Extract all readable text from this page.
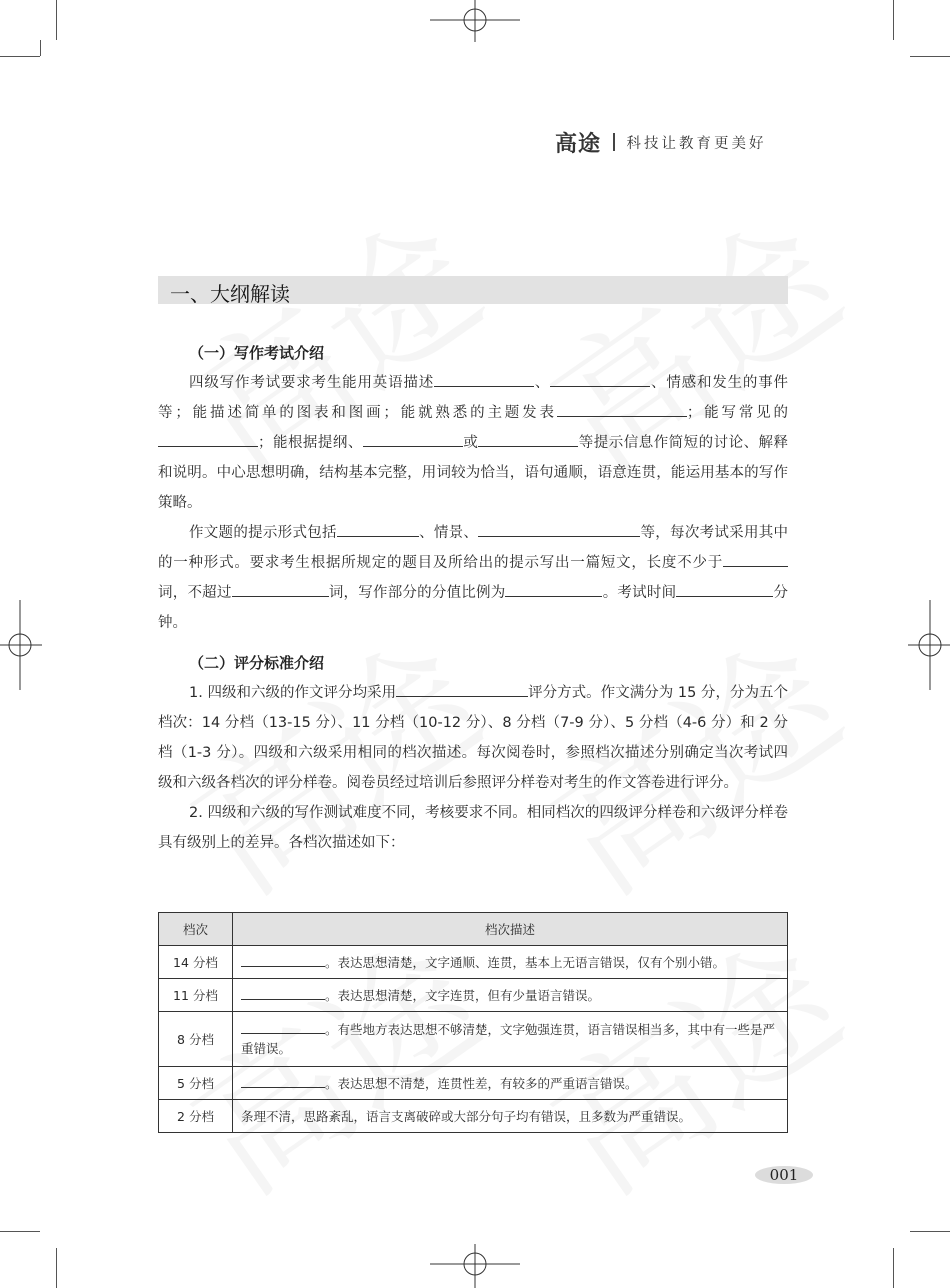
高途 科技让教育更美好
一、大纲解读
（一）写作考试介绍

四级写作考试要求考生能用英语描述	、	、情感和发生的事件等；能描述简单的图表和图画；能就熟悉的主题发表	；能写常见的；能根据提纲、	或	等提示信息作简短的讨论、解释和说明。中心思想明确，结构基本完整，用词较为恰当，语句通顺，语意连贯，能运用基本的写作策略。

作文题的提示形式包括	、情景、	等，每次考试采用其中的一种形式。要求考生根据所规定的题目及所给出的提示写出一篇短文，长度不少于词，不超过	词，写作部分的分值比例为	。考试时间	分钟。

（二）评分标准介绍

1. 四级和六级的作文评分均采用	评分方式。作文满分为 15 分，分为五个档次：14 分档（13-15 分）、11 分档（10-12 分）、8 分档（7-9 分）、5 分档（4-6 分）和 2 分档（1-3 分）。四级和六级采用相同的档次描述。每次阅卷时，参照档次描述分别确定当次考试四级和六级各档次的评分样卷。阅卷员经过培训后参照评分样卷对考生的作文答卷进行评分。

2. 四级和六级的写作测试难度不同，考核要求不同。相同档次的四级评分样卷和六级评分样卷具有级别上的差异。各档次描述如下：

档次	档次描述
14 分档	。表达思想清楚，文字通顺、连贯，基本上无语言错误，仅有个别小错。
11 分档	。表达思想清楚，文字连贯，但有少量语言错误。
8 分档	。有些地方表达思想不够清楚，文字勉强连贯，语言错误相当多，其中有一些是严重错误。
5 分档	。表达思想不清楚，连贯性差，有较多的严重语言错误。
2 分档	条理不清，思路紊乱，语言支离破碎或大部分句子均有错误，且多数为严重错误。
001
